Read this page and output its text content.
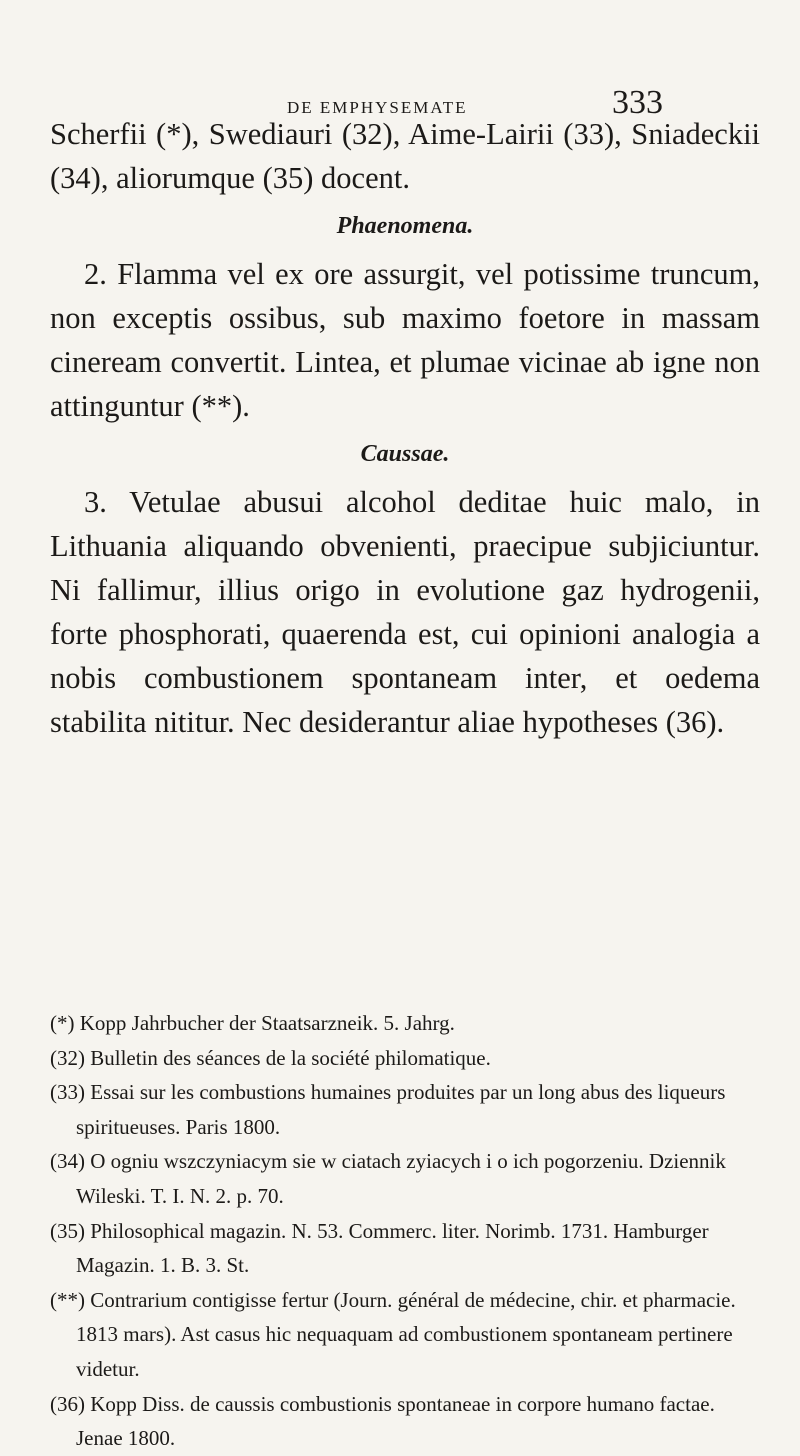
DE EMPHYSEMATE	333

Scherfii (*), Swediauri (32), Aime-Lairii (33), Sniadeckii (34), aliorumque (35) docent.

Phaenomena.

2. Flamma vel ex ore assurgit, vel potissime truncum, non exceptis ossibus, sub maximo foetore in massam cineream convertit. Lintea, et plumae vicinae ab igne non attinguntur (**).

Caussae.

3. Vetulae abusui alcohol deditae huic malo, in Lithuania aliquando obvenienti, praecipue subjiciuntur. Ni fallimur, illius origo in evolutione gaz hydrogenii, forte phosphorati, quaerenda est, cui opinioni analogia a nobis combustionem spontaneam inter, et oedema stabilita nititur. Nec desiderantur aliae hypotheses (36).

(*) Kopp Jahrbucher der Staatsarzneik. 5. Jahrg.

(32) Bulletin des séances de la société philomatique.

(33) Essai sur les combustions humaines produites par un long abus des liqueurs spiritueuses. Paris 1800.

(34) O ogniu wszczyniacym sie w ciatach zyiacych i o ich pogorzeniu. Dziennik Wileski. T. I. N. 2. p. 70.

(35) Philosophical magazin. N. 53. Commerc. liter. Norimb. 1731. Hamburger Magazin. 1. B. 3. St.

(**) Contrarium contigisse fertur (Journ. général de médecine, chir. et pharmacie. 1813 mars). Ast casus hic nequaquam ad combustionem spontaneam pertinere videtur.

(36) Kopp Diss. de caussis combustionis spontaneae in corpore humano factae. Jenae 1800.
